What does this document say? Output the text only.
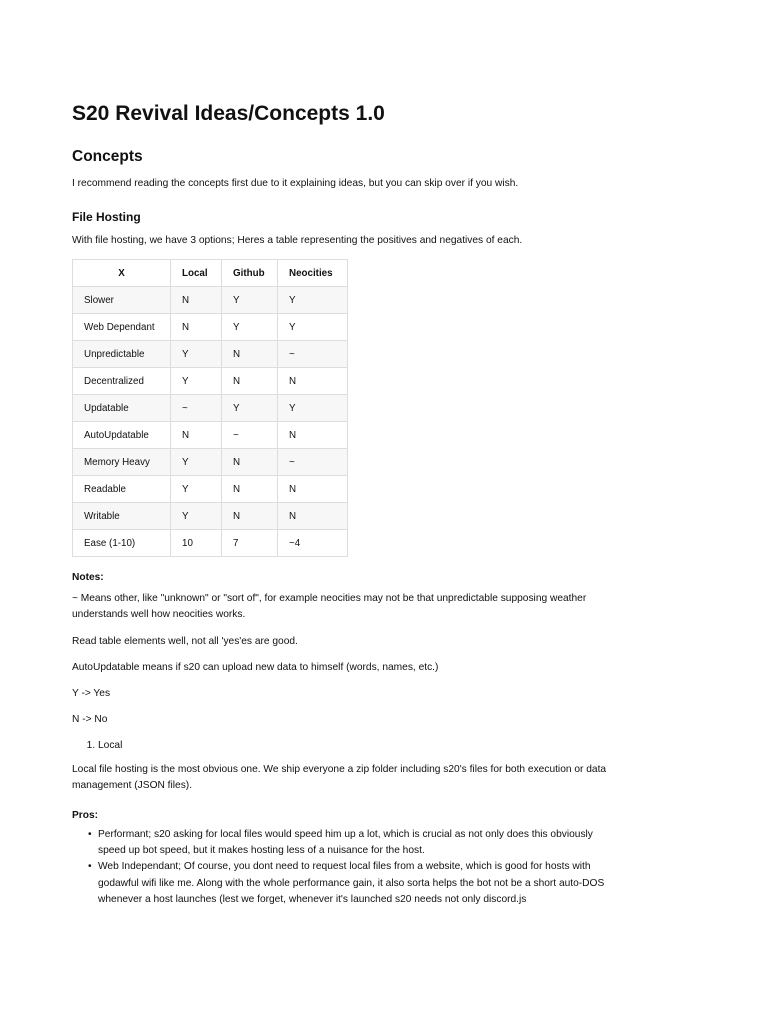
S20 Revival Ideas/Concepts 1.0
Concepts

I recommend reading the concepts first due to it explaining ideas, but you can skip over if you wish.

File Hosting

With file hosting, we have 3 options; Heres a table representing the positives and negatives of each.

X	Local	Github	Neocities
Slower	N	Y	Y
Web Dependant	N	Y	Y
Unpredictable	Y	N	~
Decentralized	Y	N	N
Updatable	~	Y	Y
AutoUpdatable	N	~	N
Memory Heavy	Y	N	~
Readable	Y	N	N
Writable	Y	N	N
Ease (1-10)	10	7	~4

Notes:

~ Means other, like "unknown" or "sort of", for example neocities may not be that unpredictable supposing weather understands well how neocities works.

Read table elements well, not all 'yes'es are good.

AutoUpdatable means if s20 can upload new data to himself (words, names, etc.)

Y -> Yes

N -> No

1. Local

Local file hosting is the most obvious one. We ship everyone a zip folder including s20's files for both execution or data management (JSON files).

Pros:

• Performant; s20 asking for local files would speed him up a lot, which is crucial as not only does this obviously speed up bot speed, but it makes hosting less of a nuisance for the host.
• Web Independant; Of course, you dont need to request local files from a website, which is good for hosts with godawful wifi like me. Along with the whole performance gain, it also sorta helps the bot not be a short auto-DOS whenever a host launches (lest we forget, whenever it's launched s20 needs not only discord.js
